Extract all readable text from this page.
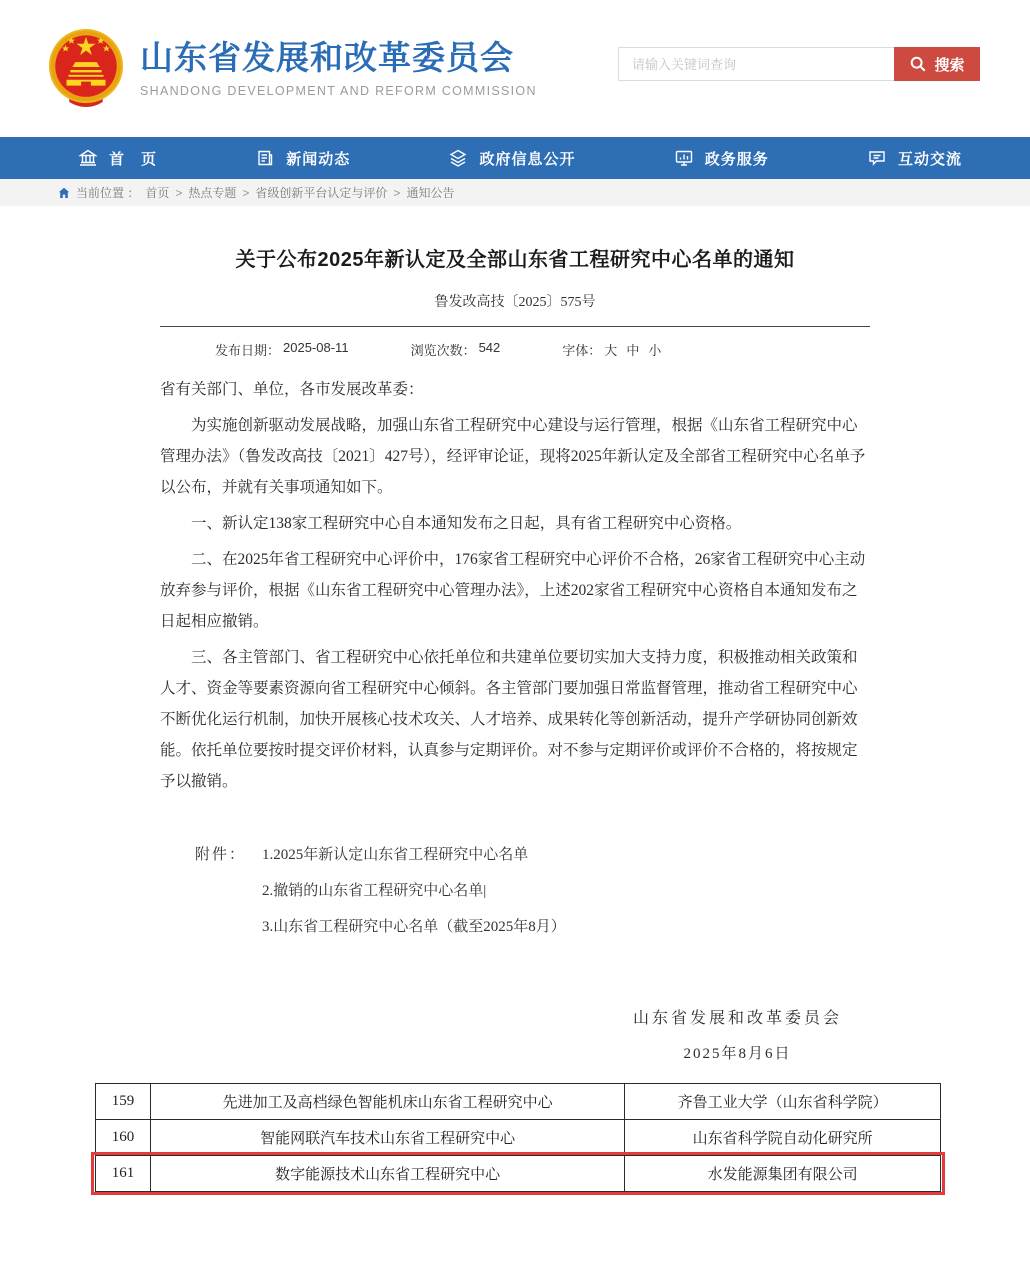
山东省发展和改革委员会
SHANDONG DEVELOPMENT AND REFORM COMMISSION
请输入关键词查询
搜索
首　页	新闻动态	政府信息公开	政务服务	互动交流
当前位置 ： 首页 > 热点专题 > 省级创新平台认定与评价 > 通知公告
关于公布2025年新认定及全部山东省工程研究中心名单的通知
鲁发改高技〔2025〕575号
发布日期： 2025-08-11	浏览次数： 542	字体： 大 中 小

省有关部门、单位，各市发展改革委：

为实施创新驱动发展战略，加强山东省工程研究中心建设与运行管理，根据《山东省工程研究中心管理办法》（鲁发改高技〔2021〕427号），经评审论证，现将2025年新认定及全部省工程研究中心名单予以公布，并就有关事项通知如下。

一、新认定138家工程研究中心自本通知发布之日起，具有省工程研究中心资格。

二、在2025年省工程研究中心评价中，176家省工程研究中心评价不合格，26家省工程研究中心主动放弃参与评价，根据《山东省工程研究中心管理办法》，上述202家省工程研究中心资格自本通知发布之日起相应撤销。

三、各主管部门、省工程研究中心依托单位和共建单位要切实加大支持力度，积极推动相关政策和人才、资金等要素资源向省工程研究中心倾斜。各主管部门要加强日常监督管理，推动省工程研究中心不断优化运行机制，加快开展核心技术攻关、人才培养、成果转化等创新活动，提升产学研协同创新效能。依托单位要按时提交评价材料，认真参与定期评价。对不参与定期评价或评价不合格的，将按规定予以撤销。

附件： 1.2025年新认定山东省工程研究中心名单
2.撤销的山东省工程研究中心名单|
3.山东省工程研究中心名单（截至2025年8月）
山东省发展和改革委员会
2025年8月6日
159	先进加工及高档绿色智能机床山东省工程研究中心	齐鲁工业大学（山东省科学院）
160	智能网联汽车技术山东省工程研究中心	山东省科学院自动化研究所
161	数字能源技术山东省工程研究中心	水发能源集团有限公司
